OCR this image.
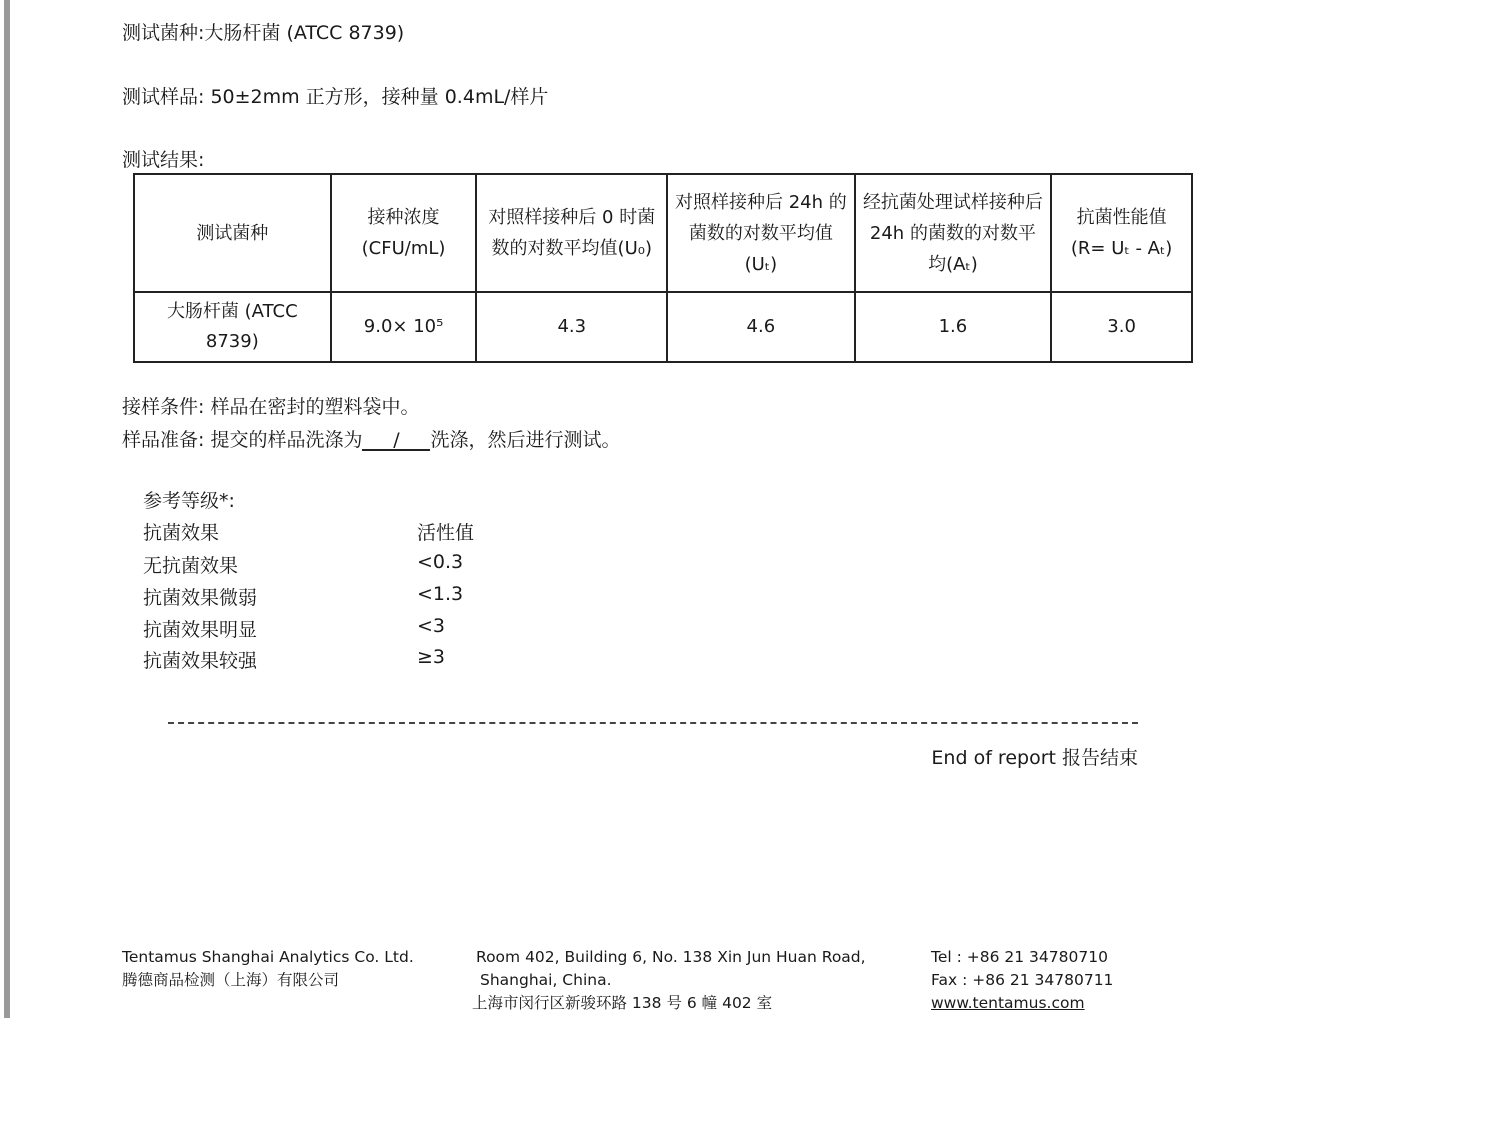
测试菌种:大肠杆菌 (ATCC 8739)
测试样品: 50±2mm 正方形，接种量 0.4mL/样片
测试结果:
测试菌种	接种浓度 (CFU/mL)	对照样接种后 0 时菌数的对数平均值(U₀)	对照样接种后 24h 的菌数的对数平均值(Uₜ)	经抗菌处理试样接种后 24h 的菌数的对数平均(Aₜ)	抗菌性能值 (R= Uₜ - Aₜ)
大肠杆菌 (ATCC 8739)	9.0× 10⁵	4.3	4.6	1.6	3.0
接样条件: 样品在密封的塑料袋中。
样品准备: 提交的样品洗涤为 / 洗涤，然后进行测试。
参考等级*:
抗菌效果	活性值
无抗菌效果	<0.3
抗菌效果微弱	<1.3
抗菌效果明显	<3
抗菌效果较强	≥3
End of report 报告结束
Tentamus Shanghai Analytics Co. Ltd.
腾德商品检测（上海）有限公司
Room 402, Building 6, No. 138 Xin Jun Huan Road,
Shanghai, China.
上海市闵行区新骏环路 138 号 6 幢 402 室
Tel : +86 21 34780710
Fax : +86 21 34780711
www.tentamus.com
